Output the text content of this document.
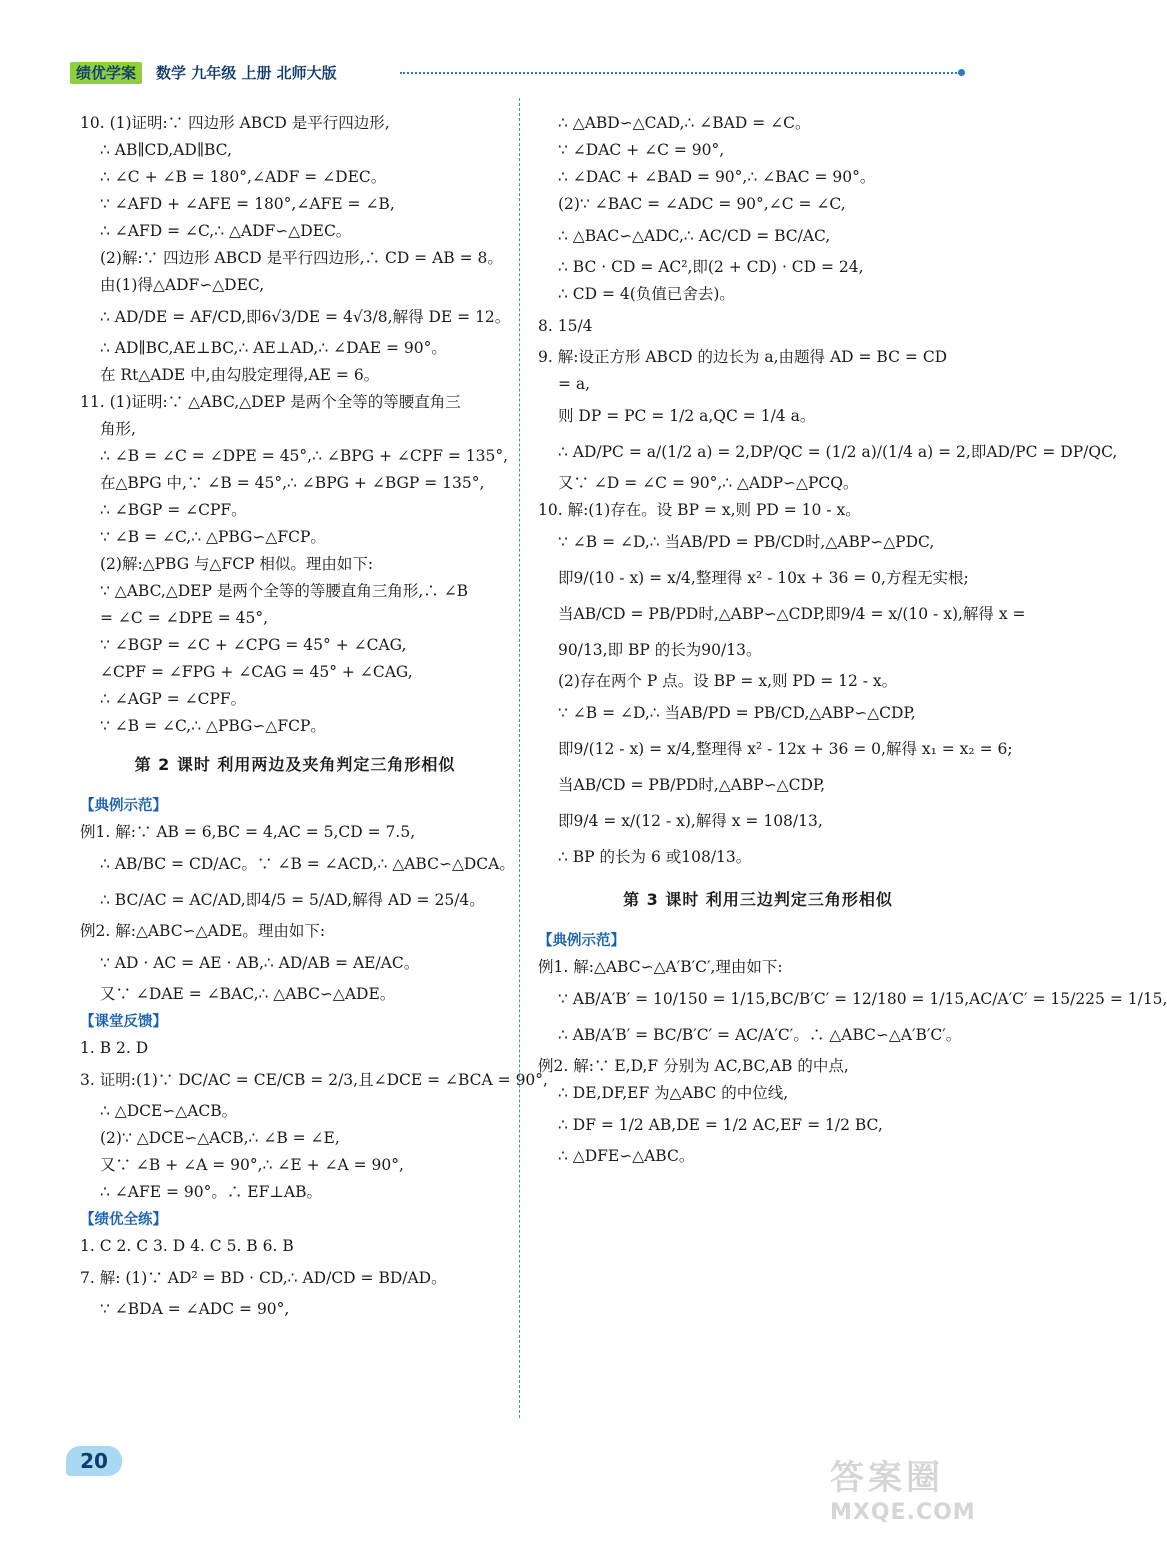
绩优学案	数学 九年级 上册 北师大版
10. (1)证明:∵ 四边形 ABCD 是平行四边形,
∴ AB∥CD,AD∥BC,
∴ ∠C + ∠B = 180°,∠ADF = ∠DEC。
∵ ∠AFD + ∠AFE = 180°,∠AFE = ∠B,
∴ ∠AFD = ∠C,∴ △ADF∽△DEC。
(2)解:∵ 四边形 ABCD 是平行四边形,∴ CD = AB = 8。
由(1)得△ADF∽△DEC,
∴ AD/DE = AF/CD,即6√3/DE = 4√3/8,解得 DE = 12。
∴ AD∥BC,AE⊥BC,∴ AE⊥AD,∴ ∠DAE = 90°。
在 Rt△ADE 中,由勾股定理得,AE = 6。
11. (1)证明:∵ △ABC,△DEP 是两个全等的等腰直角三
角形,
∴ ∠B = ∠C = ∠DPE = 45°,∴ ∠BPG + ∠CPF = 135°,
在△BPG 中,∵ ∠B = 45°,∴ ∠BPG + ∠BGP = 135°,
∴ ∠BGP = ∠CPF。
∵ ∠B = ∠C,∴ △PBG∽△FCP。
(2)解:△PBG 与△FCP 相似。理由如下:
∵ △ABC,△DEP 是两个全等的等腰直角三角形,∴ ∠B
= ∠C = ∠DPE = 45°,
∵ ∠BGP = ∠C + ∠CPG = 45° + ∠CAG,
∠CPF = ∠FPG + ∠CAG = 45° + ∠CAG,
∴ ∠AGP = ∠CPF。
∵ ∠B = ∠C,∴ △PBG∽△FCP。
第 2 课时 利用两边及夹角判定三角形相似
【典例示范】
例1. 解:∵ AB = 6,BC = 4,AC = 5,CD = 7.5,
∴ AB/BC = CD/AC。∵ ∠B = ∠ACD,∴ △ABC∽△DCA。
∴ BC/AC = AC/AD,即4/5 = 5/AD,解得 AD = 25/4。
例2. 解:△ABC∽△ADE。理由如下:
∵ AD · AC = AE · AB,∴ AD/AB = AE/AC。
又∵ ∠DAE = ∠BAC,∴ △ABC∽△ADE。
【课堂反馈】
1. B 2. D
3. 证明:(1)∵ DC/AC = CE/CB = 2/3,且∠DCE = ∠BCA = 90°,
∴ △DCE∽△ACB。
(2)∵ △DCE∽△ACB,∴ ∠B = ∠E,
又∵ ∠B + ∠A = 90°,∴ ∠E + ∠A = 90°,
∴ ∠AFE = 90°。∴ EF⊥AB。
【绩优全练】
1. C 2. C 3. D 4. C 5. B 6. B
7. 解: (1)∵ AD² = BD · CD,∴ AD/CD = BD/AD。
∵ ∠BDA = ∠ADC = 90°,
∴ △ABD∽△CAD,∴ ∠BAD = ∠C。
∵ ∠DAC + ∠C = 90°,
∴ ∠DAC + ∠BAD = 90°,∴ ∠BAC = 90°。
(2)∵ ∠BAC = ∠ADC = 90°,∠C = ∠C,
∴ △BAC∽△ADC,∴ AC/CD = BC/AC,
∴ BC · CD = AC²,即(2 + CD) · CD = 24,
∴ CD = 4(负值已舍去)。
8. 15/4
9. 解:设正方形 ABCD 的边长为 a,由题得 AD = BC = CD
= a,
则 DP = PC = 1/2 a,QC = 1/4 a。
∴ AD/PC = a/(1/2 a) = 2,DP/QC = (1/2 a)/(1/4 a) = 2,即AD/PC = DP/QC,
又∵ ∠D = ∠C = 90°,∴ △ADP∽△PCQ。
10. 解:(1)存在。设 BP = x,则 PD = 10 - x。
∵ ∠B = ∠D,∴ 当AB/PD = PB/CD时,△ABP∽△PDC,
即9/(10 - x) = x/4,整理得 x² - 10x + 36 = 0,方程无实根;
当AB/CD = PB/PD时,△ABP∽△CDP,即9/4 = x/(10 - x),解得 x =
90/13,即 BP 的长为90/13。
(2)存在两个 P 点。设 BP = x,则 PD = 12 - x。
∵ ∠B = ∠D,∴ 当AB/PD = PB/CD,△ABP∽△CDP,
即9/(12 - x) = x/4,整理得 x² - 12x + 36 = 0,解得 x₁ = x₂ = 6;
当AB/CD = PB/PD时,△ABP∽△CDP,
即9/4 = x/(12 - x),解得 x = 108/13,
∴ BP 的长为 6 或108/13。
第 3 课时 利用三边判定三角形相似
【典例示范】
例1. 解:△ABC∽△A′B′C′,理由如下:
∵ AB/A′B′ = 10/150 = 1/15,BC/B′C′ = 12/180 = 1/15,AC/A′C′ = 15/225 = 1/15,
∴ AB/A′B′ = BC/B′C′ = AC/A′C′。∴ △ABC∽△A′B′C′。
例2. 解:∵ E,D,F 分别为 AC,BC,AB 的中点,
∴ DE,DF,EF 为△ABC 的中位线,
∴ DF = 1/2 AB,DE = 1/2 AC,EF = 1/2 BC,
∴ △DFE∽△ABC。
20	答案圈
MXQE.COM
